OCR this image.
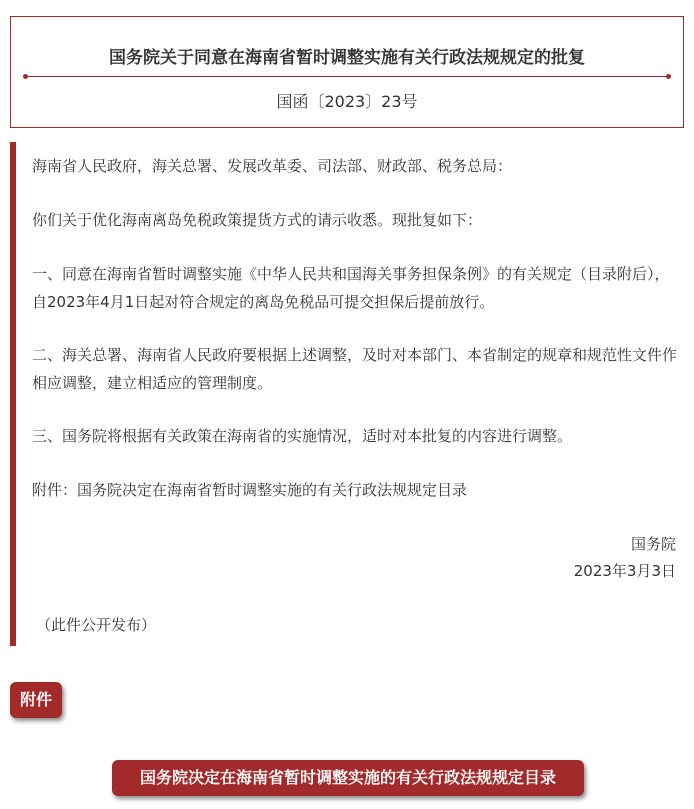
国务院关于同意在海南省暂时调整实施有关行政法规规定的批复
国函〔2023〕23号

海南省人民政府，海关总署、发展改革委、司法部、财政部、税务总局：

你们关于优化海南离岛免税政策提货方式的请示收悉。现批复如下：

一、同意在海南省暂时调整实施《中华人民共和国海关事务担保条例》的有关规定（目录附后），自2023年4月1日起对符合规定的离岛免税品可提交担保后提前放行。

二、海关总署、海南省人民政府要根据上述调整，及时对本部门、本省制定的规章和规范性文件作相应调整，建立相适应的管理制度。

三、国务院将根据有关政策在海南省的实施情况，适时对本批复的内容进行调整。

附件：国务院决定在海南省暂时调整实施的有关行政法规规定目录

国务院

2023年3月3日

（此件公开发布）

附件
国务院决定在海南省暂时调整实施的有关行政法规规定目录
